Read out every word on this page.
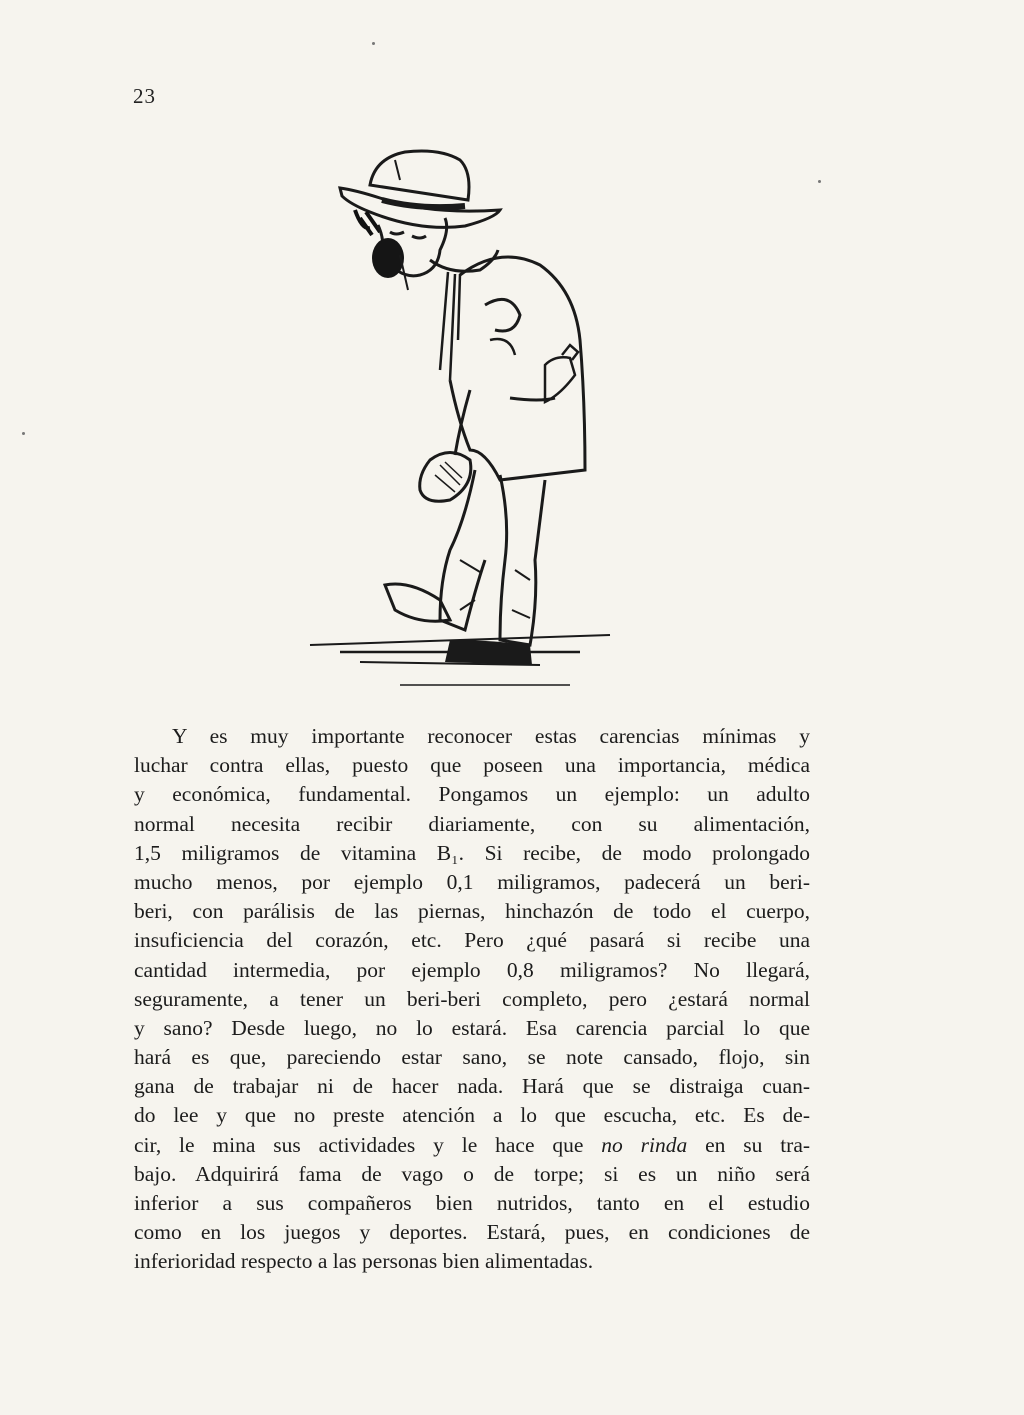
23
Y es muy importante reconocer estas carencias mínimas y
luchar contra ellas, puesto que poseen una importancia, médica
y económica, fundamental. Pongamos un ejemplo: un adulto
normal necesita recibir diariamente, con su alimentación,
1,5 miligramos de vitamina B₁. Si recibe, de modo prolongado
mucho menos, por ejemplo 0,1 miligramos, padecerá un beri-
beri, con parálisis de las piernas, hinchazón de todo el cuerpo,
insuficiencia del corazón, etc. Pero ¿qué pasará si recibe una
cantidad intermedia, por ejemplo 0,8 miligramos? No llegará,
seguramente, a tener un beri-beri completo, pero ¿estará normal
y sano? Desde luego, no lo estará. Esa carencia parcial lo que
hará es que, pareciendo estar sano, se note cansado, flojo, sin
gana de trabajar ni de hacer nada. Hará que se distraiga cuan-
do lee y que no preste atención a lo que escucha, etc. Es de-
cir, le mina sus actividades y le hace que no rinda en su tra-
bajo. Adquirirá fama de vago o de torpe; si es un niño será
inferior a sus compañeros bien nutridos, tanto en el estudio
como en los juegos y deportes. Estará, pues, en condiciones de
inferioridad respecto a las personas bien alimentadas.
